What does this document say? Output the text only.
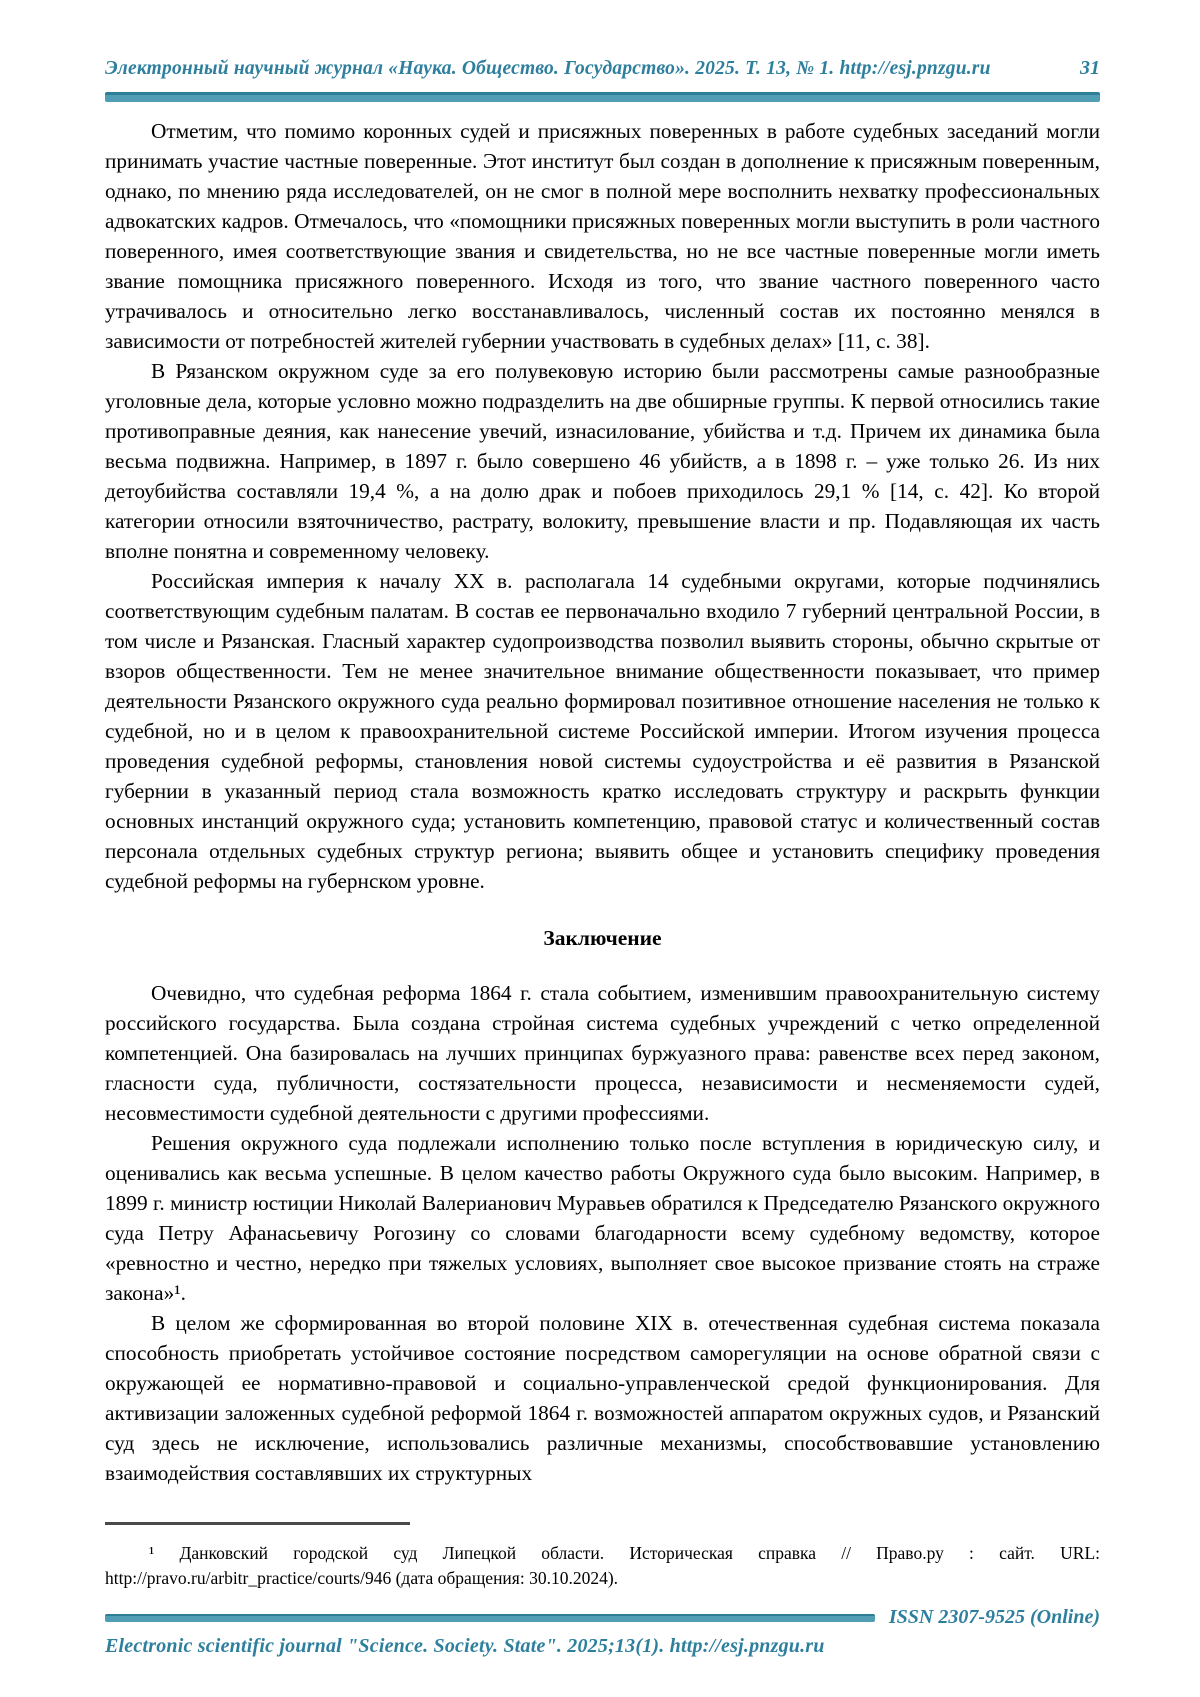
Электронный научный журнал «Наука. Общество. Государство». 2025. Т. 13, № 1. http://esj.pnzgu.ru	31

Отметим, что помимо коронных судей и присяжных поверенных в работе судебных заседаний могли принимать участие частные поверенные. Этот институт был создан в дополнение к присяжным поверенным, однако, по мнению ряда исследователей, он не смог в полной мере восполнить нехватку профессиональных адвокатских кадров. Отмечалось, что «помощники присяжных поверенных могли выступить в роли частного поверенного, имея соответствующие звания и свидетельства, но не все частные поверенные могли иметь звание помощника присяжного поверенного. Исходя из того, что звание частного поверенного часто утрачивалось и относительно легко восстанавливалось, численный состав их постоянно менялся в зависимости от потребностей жителей губернии участвовать в судебных делах» [11, с. 38].

В Рязанском окружном суде за его полувековую историю были рассмотрены самые разнообразные уголовные дела, которые условно можно подразделить на две обширные группы. К первой относились такие противоправные деяния, как нанесение увечий, изнасилование, убийства и т.д. Причем их динамика была весьма подвижна. Например, в 1897 г. было совершено 46 убийств, а в 1898 г. – уже только 26. Из них детоубийства составляли 19,4 %, а на долю драк и побоев приходилось 29,1 % [14, с. 42]. Ко второй категории относили взяточничество, растрату, волокиту, превышение власти и пр. Подавляющая их часть вполне понятна и современному человеку.

Российская империя к началу XX в. располагала 14 судебными округами, которые подчинялись соответствующим судебным палатам. В состав ее первоначально входило 7 губерний центральной России, в том числе и Рязанская. Гласный характер судопроизводства позволил выявить стороны, обычно скрытые от взоров общественности. Тем не менее значительное внимание общественности показывает, что пример деятельности Рязанского окружного суда реально формировал позитивное отношение населения не только к судебной, но и в целом к правоохранительной системе Российской империи. Итогом изучения процесса проведения судебной реформы, становления новой системы судоустройства и её развития в Рязанской губернии в указанный период стала возможность кратко исследовать структуру и раскрыть функции основных инстанций окружного суда; установить компетенцию, правовой статус и количественный состав персонала отдельных судебных структур региона; выявить общее и установить специфику проведения судебной реформы на губернском уровне.

Заключение

Очевидно, что судебная реформа 1864 г. стала событием, изменившим правоохранительную систему российского государства. Была создана стройная система судебных учреждений с четко определенной компетенцией. Она базировалась на лучших принципах буржуазного права: равенстве всех перед законом, гласности суда, публичности, состязательности процесса, независимости и несменяемости судей, несовместимости судебной деятельности с другими профессиями.

Решения окружного суда подлежали исполнению только после вступления в юридическую силу, и оценивались как весьма успешные. В целом качество работы Окружного суда было высоким. Например, в 1899 г. министр юстиции Николай Валерианович Муравьев обратился к Председателю Рязанского окружного суда Петру Афанасьевичу Рогозину со словами благодарности всему судебному ведомству, которое «ревностно и честно, нередко при тяжелых условиях, выполняет свое высокое призвание стоять на страже закона»¹.

В целом же сформированная во второй половине XIX в. отечественная судебная система показала способность приобретать устойчивое состояние посредством саморегуляции на основе обратной связи с окружающей ее нормативно-правовой и социально-управленческой средой функционирования. Для активизации заложенных судебной реформой 1864 г. возможностей аппаратом окружных судов, и Рязанский суд здесь не исключение, использовались различные механизмы, способствовавшие установлению взаимодействия составлявших их структурных

¹ Данковский городской суд Липецкой области. Историческая справка // Право.ру : сайт. URL: http://pravo.ru/arbitr_practice/courts/946 (дата обращения: 30.10.2024).
ISSN 2307-9525 (Online)
Electronic scientific journal "Science. Society. State". 2025;13(1). http://esj.pnzgu.ru
